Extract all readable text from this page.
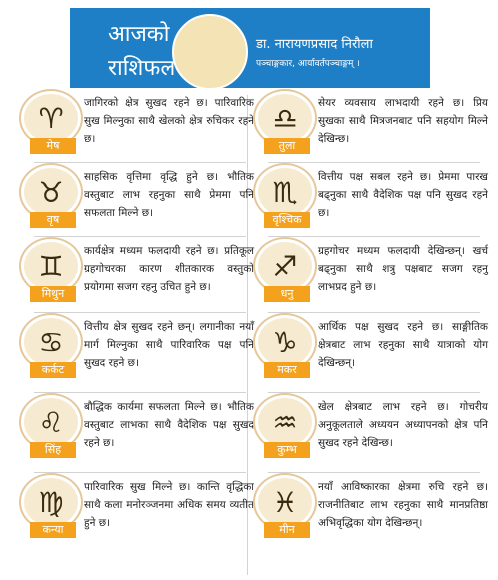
आजको
राशिफल
डा. नारायणप्रसाद निरौला
पञ्चाङ्गकार, आर्यावर्तपञ्चाङ्गम् ।
♈
मेष
जागिरको क्षेत्र सुखद रहने छ। पारिवारिक सुख मिल्नुका साथै खेलको क्षेत्र रुचिकर रहने छ।
♎
तुला
सेयर व्यवसाय लाभदायी रहने छ। प्रिय सुखका साथै मित्रजनबाट पनि सहयोग मिल्ने देखिन्छ।
♉
वृष
साहसिक वृत्तिमा वृद्धि हुने छ। भौतिक वस्तुबाट लाभ रहनुका साथै प्रेममा पनि सफलता मिल्ने छ।
♏
वृश्चिक
वित्तीय पक्ष सबल रहने छ। प्रेममा पारख बढ्नुका साथै वैदेशिक पक्ष पनि सुखद रहने छ।
♊
मिथुन
कार्यक्षेत्र मध्यम फलदायी रहने छ। प्रतिकूल ग्रहगोचरका कारण शीतकारक वस्तुको प्रयोगमा सजग रहनु उचित हुने छ।
♐
धनु
ग्रहगोचर मध्यम फलदायी देखिन्छन्। खर्च बढ्नुका साथै शत्रु पक्षबाट सजग रहनु लाभप्रद हुने छ।
♋
कर्कट
वित्तीय क्षेत्र सुखद रहने छन्। लगानीका नयाँ मार्ग मिल्नुका साथै पारिवारिक पक्ष पनि सुखद रहने छ।
♑
मकर
आर्थिक पक्ष सुखद रहने छ। साङ्गीतिक क्षेत्रबाट लाभ रहनुका साथै यात्राको योग देखिन्छन्।
♌
सिंह
बौद्धिक कार्यमा सफलता मिल्ने छ। भौतिक वस्तुबाट लाभका साथै वैदेशिक पक्ष सुखद रहने छ।
♒
कुम्भ
खेल क्षेत्रबाट लाभ रहने छ। गोचरीय अनुकूलताले अध्ययन अध्यापनको क्षेत्र पनि सुखद रहने देखिन्छ।
♍
कन्या
पारिवारिक सुख मिल्ने छ। कान्ति वृद्धिका साथै कला मनोरञ्जनमा अधिक समय व्यतीत हुने छ।
♓
मीन
नयाँ आविष्कारका क्षेत्रमा रुचि रहने छ। राजनीतिबाट लाभ रहनुका साथै मानप्रतिष्ठा अभिवृद्धिका योग देखिन्छन्।
